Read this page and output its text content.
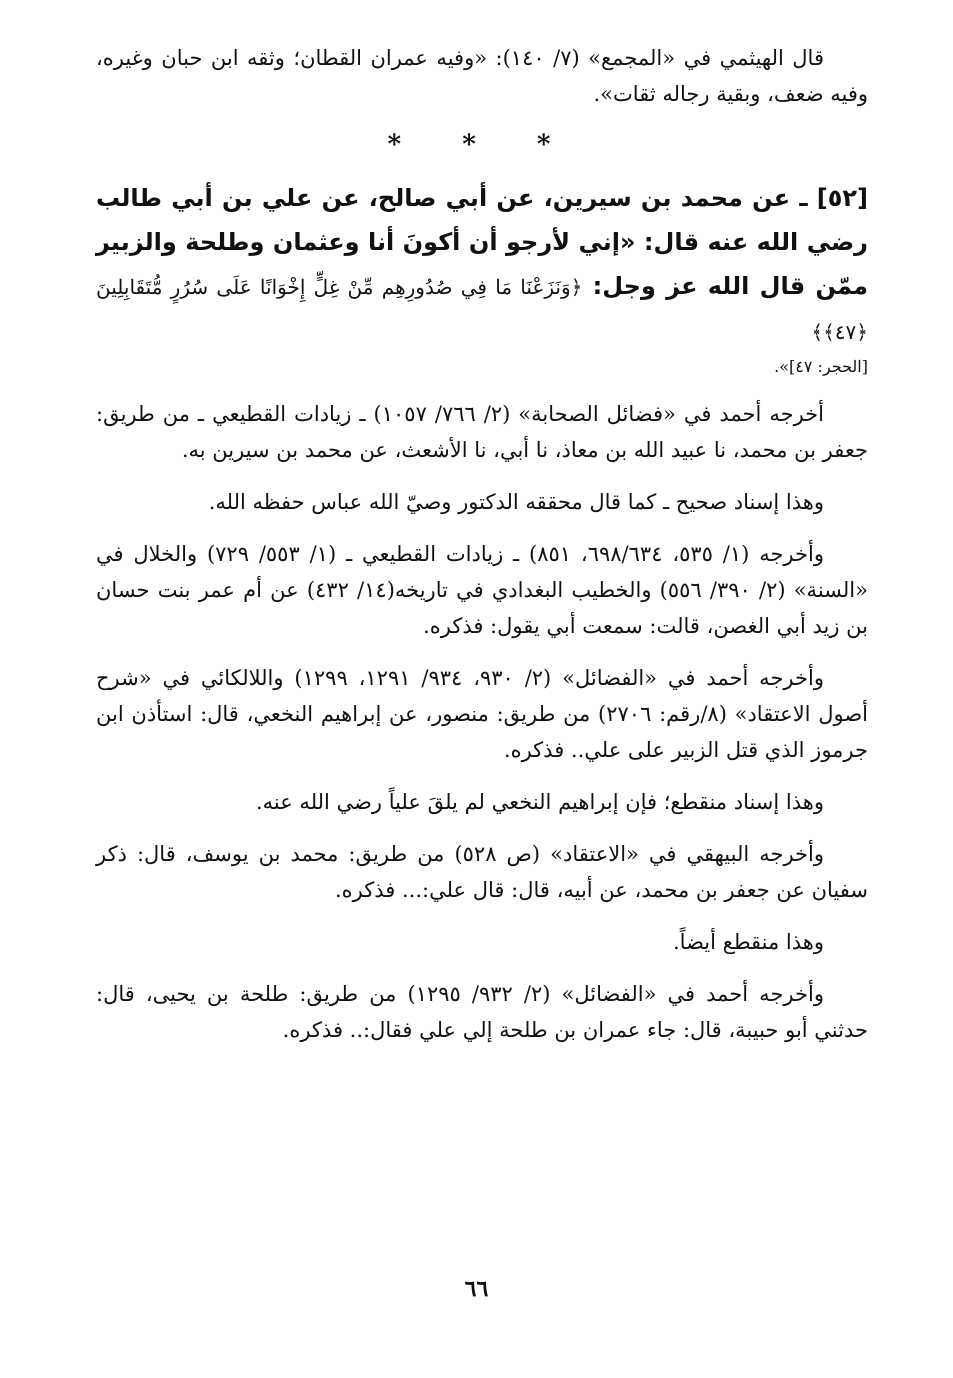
قال الهيثمي في «المجمع» (٧/ ١٤٠): «وفيه عمران القطان؛ وثقه ابن حبان وغيره، وفيه ضعف، وبقية رجاله ثقات».

* * *

[٥٢] ـ عن محمد بن سيرين، عن أبي صالح، عن علي بن أبي طالب رضي الله عنه قال: «إني لأرجو أن أكونَ أنا وعثمان وطلحة والزبير ممّن قال الله عز وجل: ﴿وَنَزَعْنَا مَا فِي صُدُورِهِم مِّنْ غِلٍّ إِخْوَانًا عَلَى سُرُرٍ مُّتَقَابِلِينَ ﴿٤٧﴾﴾

[الحجر: ٤٧]».

أخرجه أحمد في «فضائل الصحابة» (٢/ ٧٦٦/ ١٠٥٧) ـ زيادات القطيعي ـ من طريق: جعفر بن محمد، نا عبيد الله بن معاذ، نا أبي، نا الأشعث، عن محمد بن سيرين به.

وهذا إسناد صحيح ـ كما قال محققه الدكتور وصيّ الله عباس حفظه الله.

وأخرجه (١/ ٥٣٥، ٦٩٨/٦٣٤، ٨٥١) ـ زيادات القطيعي ـ (١/ ٥٥٣/ ٧٢٩) والخلال في «السنة» (٢/ ٣٩٠/ ٥٥٦) والخطيب البغدادي في تاريخه(١٤/ ٤٣٢) عن أم عمر بنت حسان بن زيد أبي الغصن، قالت: سمعت أبي يقول: فذكره.

وأخرجه أحمد في «الفضائل» (٢/ ٩٣٠، ٩٣٤/ ١٢٩١، ١٢٩٩) واللالكائي في «شرح أصول الاعتقاد» (٨/رقم: ٢٧٠٦) من طريق: منصور، عن إبراهيم النخعي، قال: استأذن ابن جرموز الذي قتل الزبير على علي.. فذكره.

وهذا إسناد منقطع؛ فإن إبراهيم النخعي لم يلقَ علياً رضي الله عنه.

وأخرجه البيهقي في «الاعتقاد» (ص ٥٢٨) من طريق: محمد بن يوسف، قال: ذكر سفيان عن جعفر بن محمد، عن أبيه، قال: قال علي:... فذكره.

وهذا منقطع أيضاً.

وأخرجه أحمد في «الفضائل» (٢/ ٩٣٢/ ١٢٩٥) من طريق: طلحة بن يحيى، قال: حدثني أبو حبيبة، قال: جاء عمران بن طلحة إلي علي فقال:.. فذكره.

٦٦
